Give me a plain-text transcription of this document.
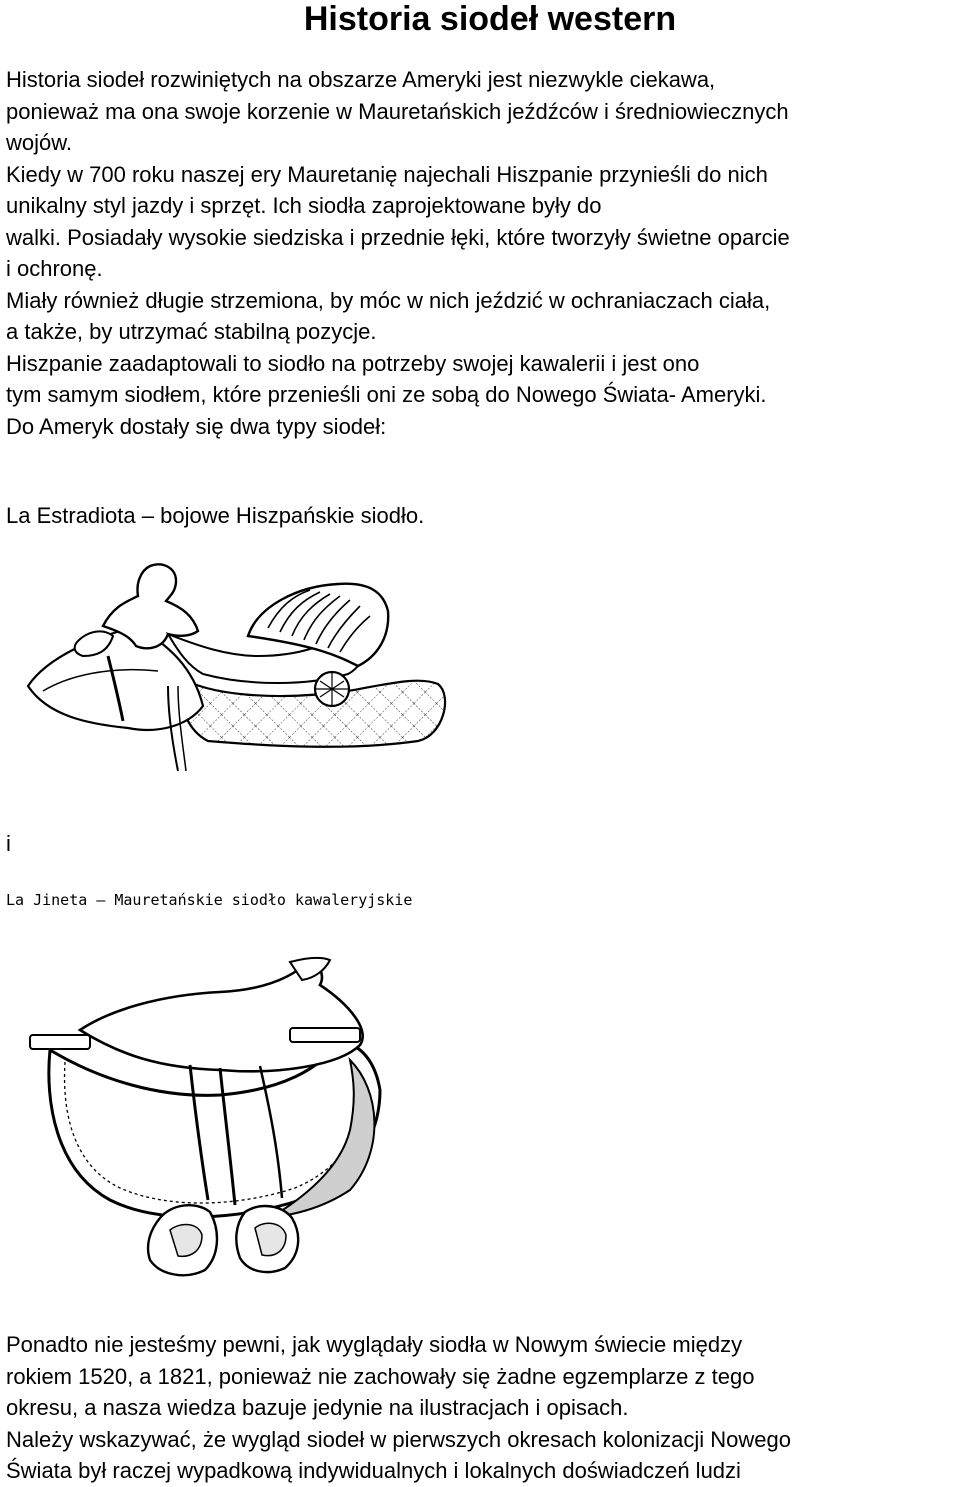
Historia siodeł western
Historia siodeł rozwiniętych na obszarze Ameryki jest niezwykle ciekawa,
ponieważ ma ona swoje korzenie w Mauretańskich jeźdźców i średniowiecznych
wojów.
Kiedy w 700 roku naszej ery Mauretanię najechali Hiszpanie przynieśli do nich
unikalny styl jazdy i sprzęt. Ich siodła zaprojektowane były do
walki. Posiadały wysokie siedziska i przednie łęki, które tworzyły świetne oparcie
i ochronę.
Miały również długie strzemiona, by móc w nich jeździć w ochraniaczach ciała,
a także, by utrzymać stabilną pozycje.
Hiszpanie zaadaptowali to siodło na potrzeby swojej kawalerii i jest ono
tym samym siodłem, które przenieśli oni ze sobą do Nowego Świata- Ameryki.
Do Ameryk dostały się dwa typy siodeł:
La Estradiota – bojowe Hiszpańskie siodło.
i
La Jineta – Mauretańskie siodło kawaleryjskie
Ponadto nie jesteśmy pewni, jak wyglądały siodła w Nowym świecie między
rokiem 1520, a 1821, ponieważ nie zachowały się żadne egzemplarze z tego
okresu, a nasza wiedza bazuje jedynie na ilustracjach i opisach.
Należy wskazywać, że wygląd siodeł w pierwszych okresach kolonizacji Nowego
Świata był raczej wypadkową indywidualnych i lokalnych doświadczeń ludzi
